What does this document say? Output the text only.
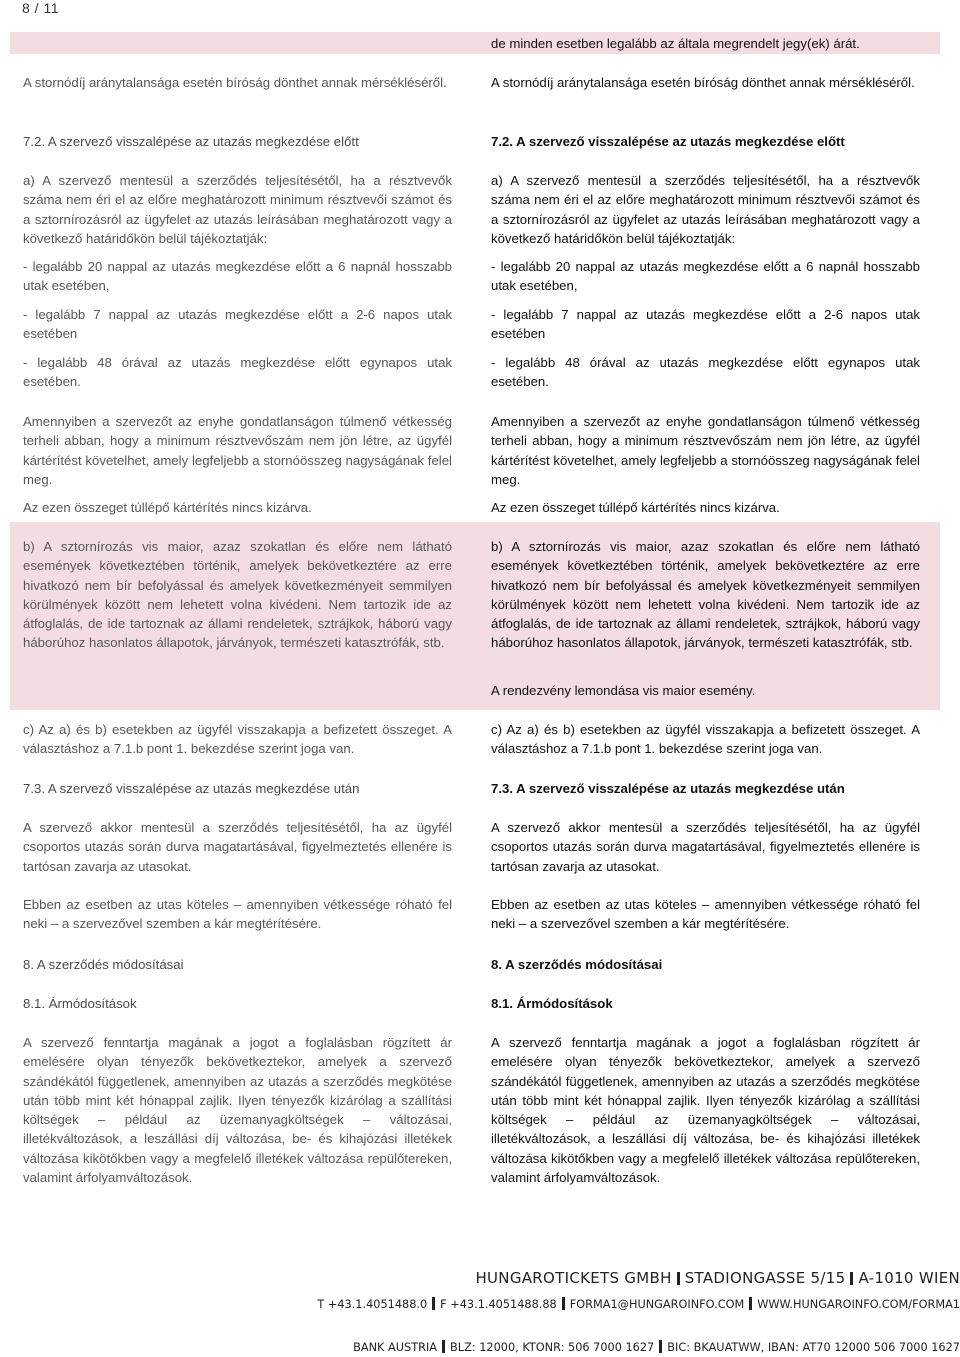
8 / 11

A stornódíj aránytalansága esetén bíróság dönthet annak mérsékléséről.

7.2. A szervező visszalépése az utazás megkezdése előtt

a) A szervező mentesül a szerződés teljesítésétől, ha a résztvevők száma nem éri el az előre meghatározott minimum résztvevői számot és a sztornírozásról az ügyfelet az utazás leírásában meghatározott vagy a következő határidőkön belül tájékoztatják:

- legalább 20 nappal az utazás megkezdése előtt a 6 napnál hosszabb utak esetében,

- legalább 7 nappal az utazás megkezdése előtt a 2-6 napos utak esetében

- legalább 48 órával az utazás megkezdése előtt egynapos utak esetében.

Amennyiben a szervezőt az enyhe gondatlanságon túlmenő vétkesség terheli abban, hogy a minimum résztvevőszám nem jön létre, az ügyfél kártérítést követelhet, amely legfeljebb a stornóösszeg nagyságának felel meg.

Az ezen összeget túllépő kártérítés nincs kizárva.

b) A sztornírozás vis maior, azaz szokatlan és előre nem látható események következtében történik, amelyek bekövetkeztére az erre hivatkozó nem bír befolyással és amelyek következményeit semmilyen körülmények között nem lehetett volna kivédeni. Nem tartozik ide az átfoglalás, de ide tartoznak az állami rendeletek, sztrájkok, háború vagy háborúhoz hasonlatos állapotok, járványok, természeti katasztrófák, stb.

c) Az a) és b) esetekben az ügyfél visszakapja a befizetett összeget. A választáshoz a 7.1.b pont 1. bekezdése szerint joga van.

7.3. A szervező visszalépése az utazás megkezdése után

A szervező akkor mentesül a szerződés teljesítésétől, ha az ügyfél csoportos utazás során durva magatartásával, figyelmeztetés ellenére is tartósan zavarja az utasokat.

Ebben az esetben az utas köteles – amennyiben vétkessége róható fel neki – a szervezővel szemben a kár megtérítésére.

8. A szerződés módosításai

8.1. Ármódosítások

A szervező fenntartja magának a jogot a foglalásban rögzített ár emelésére olyan tényezők bekövetkeztekor, amelyek a szervező szándékától függetlenek, amennyiben az utazás a szerződés megkötése után több mint két hónappal zajlik. Ilyen tényezők kizárólag a szállítási költségek – például az üzemanyagköltségek – változásai, illetékváltozások, a leszállási díj változása, be- és kihajózási illetékek változása kikötőkben vagy a megfelelő illetékek változása repülőtereken, valamint árfolyamváltozások.

de minden esetben legalább az általa megrendelt jegy(ek) árát.

A stornódíj aránytalansága esetén bíróság dönthet annak mérsékléséről.

7.2. A szervező visszalépése az utazás megkezdése előtt

a) A szervező mentesül a szerződés teljesítésétől, ha a résztvevők száma nem éri el az előre meghatározott minimum résztvevői számot és a sztornírozásról az ügyfelet az utazás leírásában meghatározott vagy a következő határidőkön belül tájékoztatják:

- legalább 20 nappal az utazás megkezdése előtt a 6 napnál hosszabb utak esetében,

- legalább 7 nappal az utazás megkezdése előtt a 2-6 napos utak esetében

- legalább 48 órával az utazás megkezdése előtt egynapos utak esetében.

Amennyiben a szervezőt az enyhe gondatlanságon túlmenő vétkesség terheli abban, hogy a minimum résztvevőszám nem jön létre, az ügyfél kártérítést követelhet, amely legfeljebb a stornóösszeg nagyságának felel meg.

Az ezen összeget túllépő kártérítés nincs kizárva.

b) A sztornírozás vis maior, azaz szokatlan és előre nem látható események következtében történik, amelyek bekövetkeztére az erre hivatkozó nem bír befolyással és amelyek következményeit semmilyen körülmények között nem lehetett volna kivédeni. Nem tartozik ide az átfoglalás, de ide tartoznak az állami rendeletek, sztrájkok, háború vagy háborúhoz hasonlatos állapotok, járványok, természeti katasztrófák, stb.

A rendezvény lemondása vis maior esemény.

c) Az a) és b) esetekben az ügyfél visszakapja a befizetett összeget. A választáshoz a 7.1.b pont 1. bekezdése szerint joga van.

7.3. A szervező visszalépése az utazás megkezdése után

A szervező akkor mentesül a szerződés teljesítésétől, ha az ügyfél csoportos utazás során durva magatartásával, figyelmeztetés ellenére is tartósan zavarja az utasokat.

Ebben az esetben az utas köteles – amennyiben vétkessége róható fel neki – a szervezővel szemben a kár megtérítésére.

8. A szerződés módosításai

8.1. Ármódosítások

A szervező fenntartja magának a jogot a foglalásban rögzített ár emelésére olyan tényezők bekövetkeztekor, amelyek a szervező szándékától függetlenek, amennyiben az utazás a szerződés megkötése után több mint két hónappal zajlik. Ilyen tényezők kizárólag a szállítási költségek – például az üzemanyagköltségek – változásai, illetékváltozások, a leszállási díj változása, be- és kihajózási illetékek változása kikötőkben vagy a megfelelő illetékek változása repülőtereken, valamint árfolyamváltozások.

HUNGAROTICKETS GMBH STADIONGASSE 5/15 A-1010 WIEN
T +43.1.4051488.0 F +43.1.4051488.88 FORMA1@HUNGAROINFO.COM WWW.HUNGAROINFO.COM/FORMA1
BANK AUSTRIA BLZ: 12000, KTONR: 506 7000 1627 BIC: BKAUATWW, IBAN: AT70 12000 506 7000 1627
